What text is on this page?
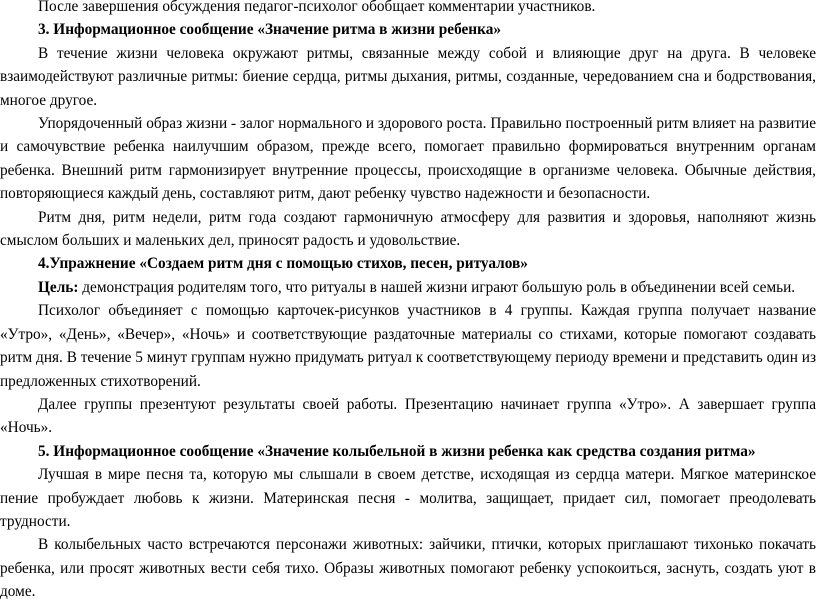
После завершения обсуждения педагог-психолог обобщает комментарии участников.

3. Информационное сообщение «Значение ритма в жизни ребенка»

В течение жизни человека окружают ритмы, связанные между собой и влияющие друг на друга. В человеке взаимодействуют различные ритмы: биение сердца, ритмы дыхания, ритмы, созданные, чередованием сна и бодрствования, многое другое.

Упорядоченный образ жизни - залог нормального и здорового роста. Правильно построенный ритм влияет на развитие и самочувствие ребенка наилучшим образом, прежде всего, помогает правильно формироваться внутренним органам ребенка. Внешний ритм гармонизирует внутренние процессы, происходящие в организме человека. Обычные действия, повторяющиеся каждый день, составляют ритм, дают ребенку чувство надежности и безопасности.

Ритм дня, ритм недели, ритм года создают гармоничную атмосферу для развития и здоровья, наполняют жизнь смыслом больших и маленьких дел, приносят радость и удовольствие.

4.Упражнение «Создаем ритм дня с помощью стихов, песен, ритуалов»

Цель: демонстрация родителям того, что ритуалы в нашей жизни играют большую роль в объединении всей семьи.

Психолог объединяет с помощью карточек-рисунков участников в 4 группы. Каждая группа получает название «Утро», «День», «Вечер», «Ночь» и соответствующие раздаточные материалы со стихами, которые помогают создавать ритм дня. В течение 5 минут группам нужно придумать ритуал к соответствующему периоду времени и представить один из предложенных стихотворений.

Далее группы презентуют результаты своей работы. Презентацию начинает группа «Утро». А завершает группа «Ночь».

5. Информационное сообщение «Значение колыбельной в жизни ребенка как средства создания ритма»

Лучшая в мире песня та, которую мы слышали в своем детстве, исходящая из сердца матери. Мягкое материнское пение пробуждает любовь к жизни. Материнская песня - молитва, защищает, придает сил, помогает преодолевать трудности.

В колыбельных часто встречаются персонажи животных: зайчики, птички, которых приглашают тихонько покачать ребенка, или просят животных вести себя тихо. Образы животных помогают ребенку успокоиться, заснуть, создать уют в доме.
